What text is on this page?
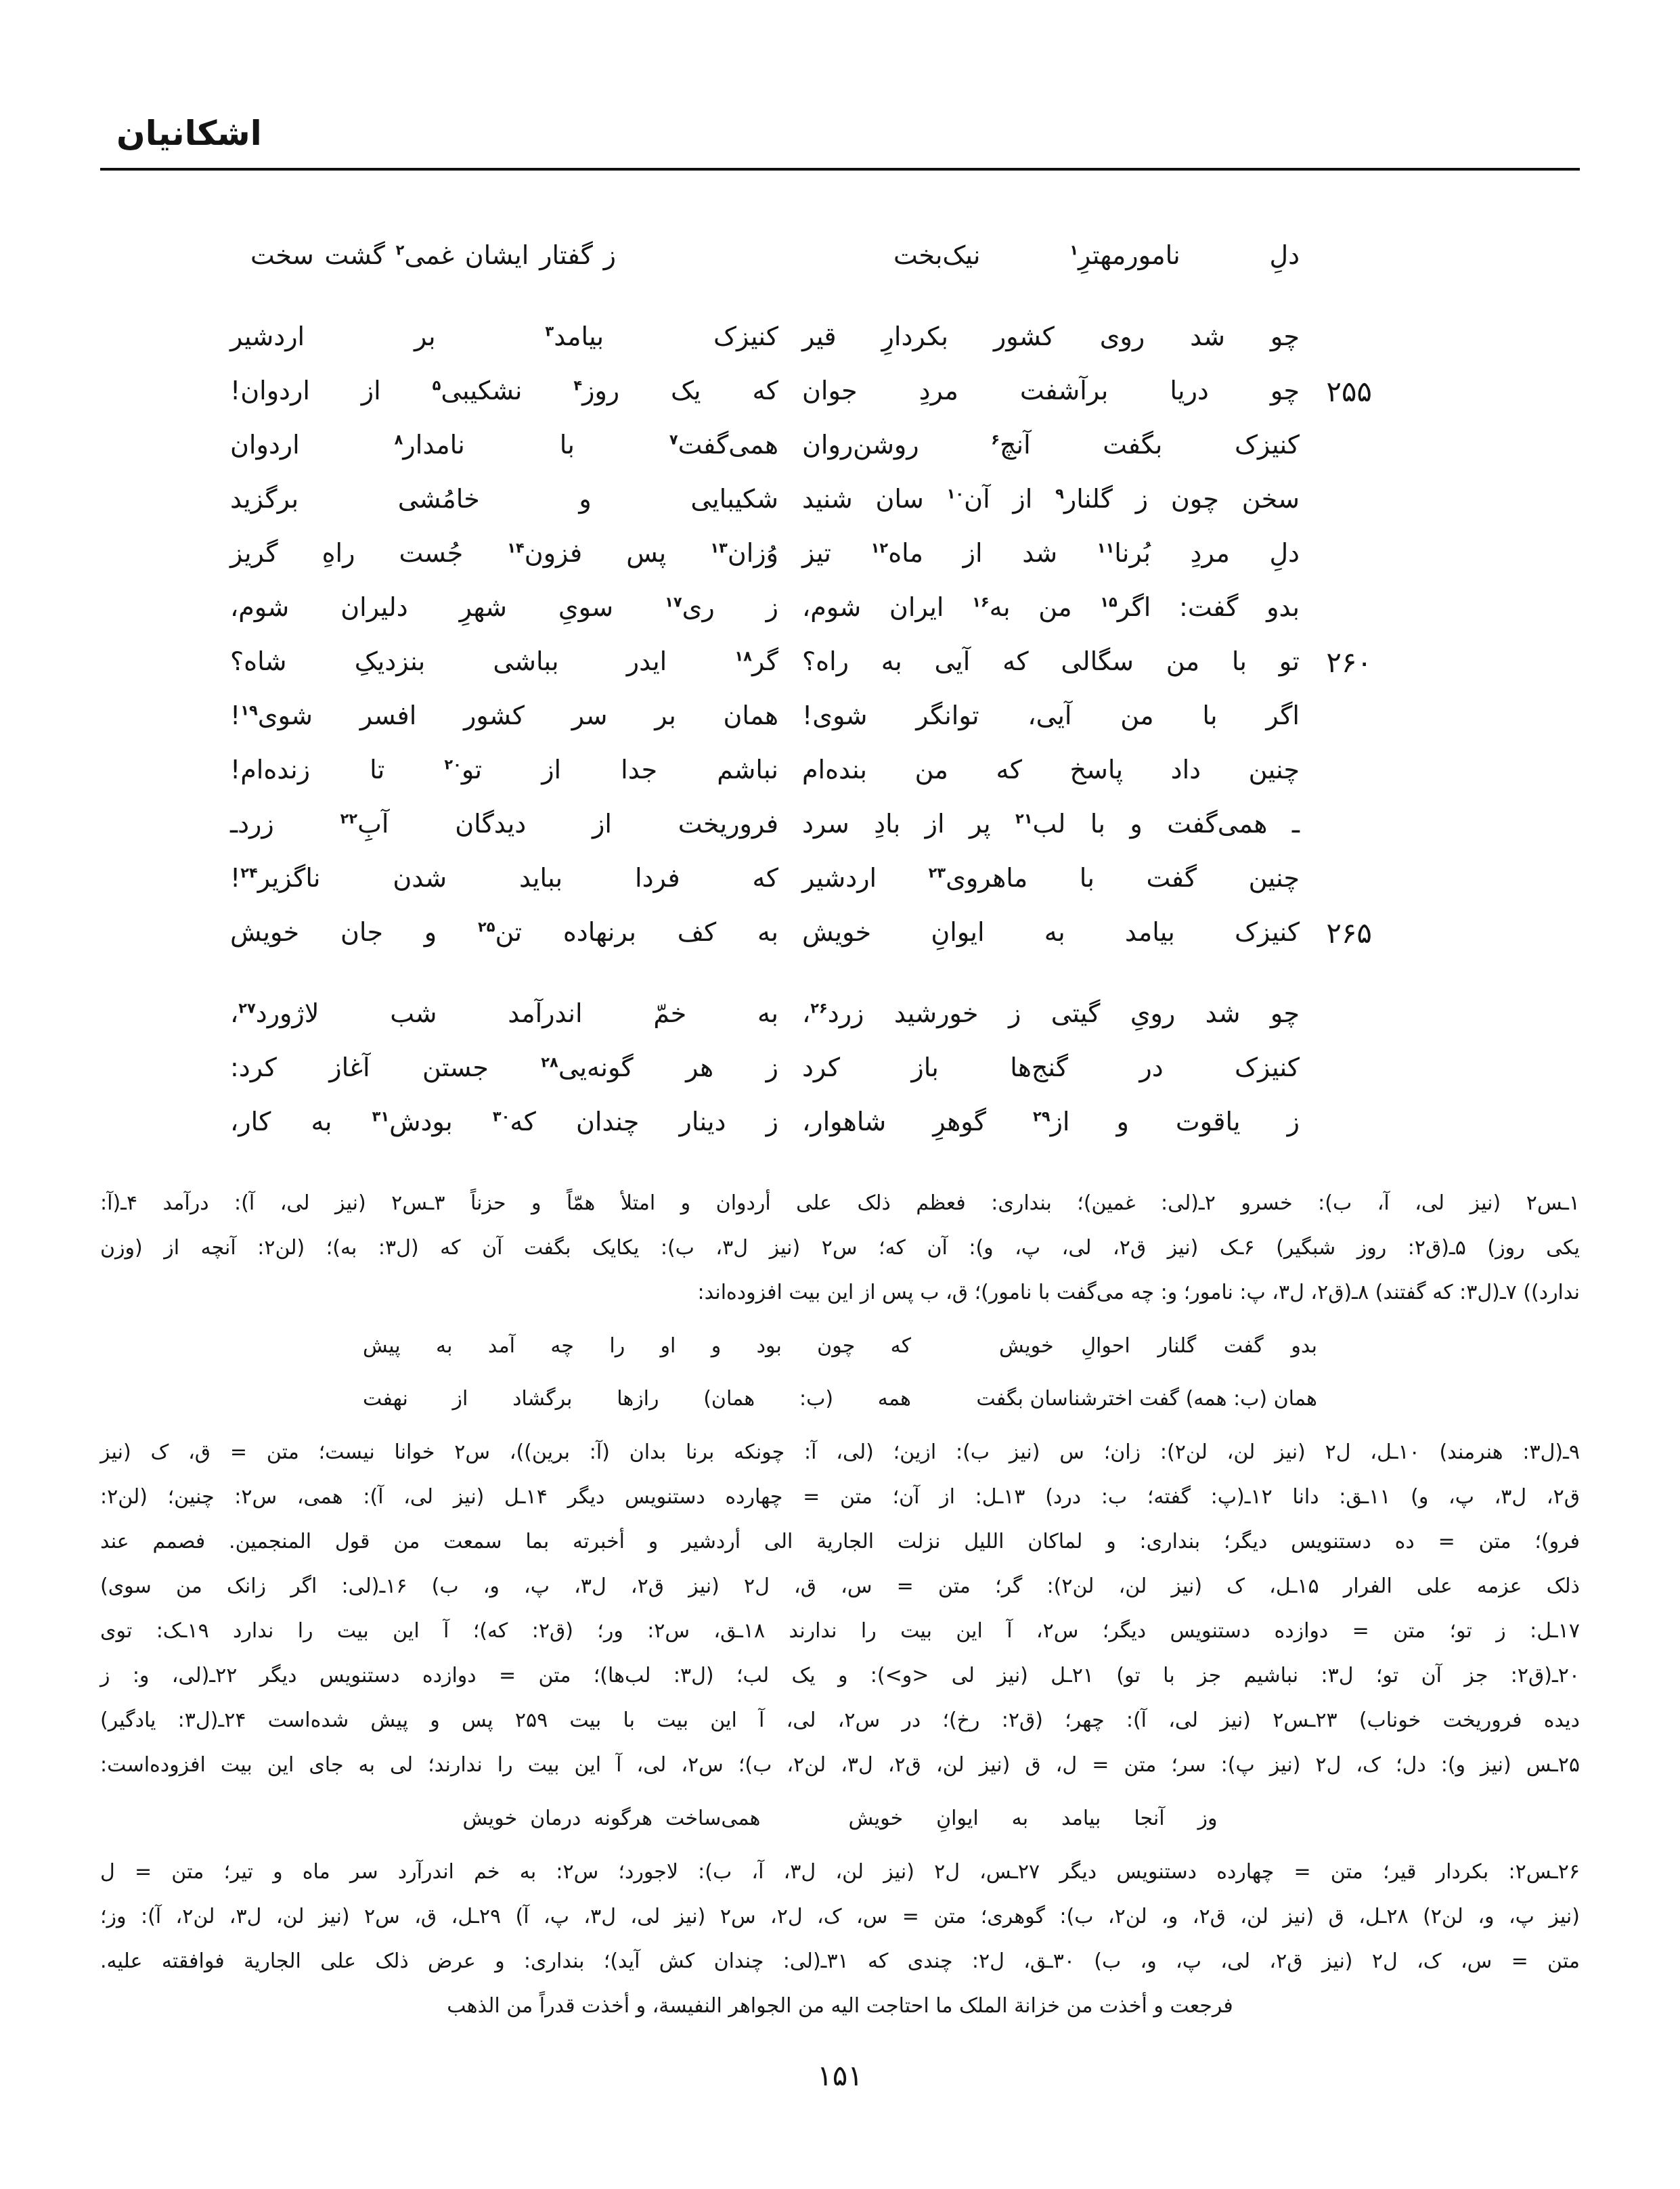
اشکانیان
دلِ نامورمهترِ$^۱$ نیک‌بخت
ز گفتار ایشان غمی$^۲$ گشت سخت
چو شد روی کشور بکردارِ قیر
کنیزک بیامد$^۳$ بر اردشیر
۲۵۵
چو دریا برآشفت مردِ جوان
که یک روز$^۴$ نشکیبی$^۵$ از اردوان!
کنیزک بگفت آنچ$^۶$ روشن‌روان
همی‌گفت$^۷$ با نامدار$^۸$ اردوان
سخن چون ز گلنار$^۹$ از آن$^{۱۰}$ سان شنید
شکیبایی و خامُشی برگزید
دلِ مردِ بُرنا$^{۱۱}$ شد از ماه$^{۱۲}$ تیز
وُزان$^{۱۳}$ پس فزون$^{۱۴}$ جُست راهِ گریز
بدو گفت: اگر$^{۱۵}$ من به$^{۱۶}$ ایران شوم،
ز ری$^{۱۷}$ سویِ شهرِ دلیران شوم،
۲۶۰
تو با من سگالی که آیی به راه؟
گر$^{۱۸}$ ایدر بباشی بنزدیکِ شاه؟
اگر با من آیی، توانگر شوی!
همان بر سر کشور افسر شوی$^{۱۹}$!
چنین داد پاسخ که من بنده‌ام
نباشم جدا از تو$^{۲۰}$ تا زنده‌ام!
ـ همی‌گفت و با لب$^{۲۱}$ پر از بادِ سرد
فروریخت از دیدگان آبِ$^{۲۲}$ زردـ
چنین گفت با ماهروی$^{۲۳}$ اردشیر
که فردا بباید شدن ناگزیر$^{۲۴}$!
۲۶۵
کنیزک بیامد به ایوانِ خویش
به کف برنهاده تن$^{۲۵}$ و جان خویش
چو شد رویِ گیتی ز خورشید زرد$^{۲۶}$،
به خمّ اندرآمد شب لاژورد$^{۲۷}$،
کنیزک در گنج‌ها باز کرد
ز هر گونه‌یی$^{۲۸}$ جستن آغاز کرد:
ز یاقوت و از$^{۲۹}$ گوهرِ شاهوار،
ز دینار چندان که$^{۳۰}$ بودش$^{۳۱}$ به کار،
۱ـس۲ (نیز لی، آ، ب): خسرو ۲ـ(لی: غمین)؛ بنداری: فعظم ذلک علی أردوان و امتلأ همّاً و حزناً ۳ـس۲ (نیز لی، آ): درآمد ۴ـ(آ:
یکی روز) ۵ـ(ق۲: روز شبگیر) ۶ـک (نیز ق۲، لی، پ، و): آن که؛ س۲ (نیز ل۳، ب): یکایک بگفت آن که (ل۳: به)؛ (لن۲: آنچه از (وزن
ندارد)) ۷ـ(ل۳: که گفتند) ۸ـ(ق۲، ل۳، پ: نامور؛ و: چه می‌گفت با نامور)؛ ق، ب پس از این بیت افزوده‌اند:
بدو گفت گلنار احوالِ خویش
که چون بود و او را چه آمد به پیش
همان (ب: همه) گفت اخترشناسان بگفت
همه (ب: همان) رازها برگشاد از نهفت
۹ـ(ل۳: هنرمند) ۱۰ـل، ل۲ (نیز لن، لن۲): زان؛ س (نیز ب): ازین؛ (لی، آ: چونکه برنا بدان (آ: برین))، س۲ خوانا نیست؛ متن = ق، ک (نیز
ق۲، ل۳، پ، و) ۱۱ـق: دانا ۱۲ـ(پ: گفته؛ ب: درد) ۱۳ـل: از آن؛ متن = چهارده دستنویس دیگر ۱۴ـل (نیز لی، آ): همی، س۲: چنین؛ (لن۲:
فرو)؛ متن = ده دستنویس دیگر؛ بنداری: و لماکان اللیل نزلت الجاریة الی أردشیر و أخبرته بما سمعت من قول المنجمین. فصمم عند
ذلک عزمه علی الفرار ۱۵ـل، ک (نیز لن، لن۲): گر؛ متن = س، ق، ل۲ (نیز ق۲، ل۳، پ، و، ب) ۱۶ـ(لی: اگر زانک من سوی)
۱۷ـل: ز تو؛ متن = دوازده دستنویس دیگر؛ س۲، آ این بیت را ندارند ۱۸ـق، س۲: ور؛ (ق۲: که)؛ آ این بیت را ندارد ۱۹ـک: توی
۲۰ـ(ق۲: جز آن تو؛ ل۳: نباشیم جز با تو) ۲۱ـل (نیز لی <و>): و یک لب؛ (ل۳: لب‌ها)؛ متن = دوازده دستنویس دیگر ۲۲ـ(لی، و: ز
دیده فروریخت خوناب) ۲۳ـس۲ (نیز لی، آ): چهر؛ (ق۲: رخ)؛ در س۲، لی، آ این بیت با بیت ۲۵۹ پس و پیش شده‌است ۲۴ـ(ل۳: یادگیر)
۲۵ـس (نیز و): دل؛ ک، ل۲ (نیز پ): سر؛ متن = ل، ق (نیز لن، ق۲، ل۳، لن۲، ب)؛ س۲، لی، آ این بیت را ندارند؛ لی به جای این بیت افزوده‌است:
وز آنجا بیامد به ایوانِ خویش
همی‌ساخت هرگونه درمان خویش
۲۶ـس۲: بکردار قیر؛ متن = چهارده دستنویس دیگر ۲۷ـس، ل۲ (نیز لن، ل۳، آ، ب): لاجورد؛ س۲: به خم اندرآرد سر ماه و تیر؛ متن = ل
(نیز پ، و، لن۲) ۲۸ـل، ق (نیز لن، ق۲، و، لن۲، ب): گوهری؛ متن = س، ک، ل۲، س۲ (نیز لی، ل۳، پ، آ) ۲۹ـل، ق، س۲ (نیز لن، ل۳، لن۲، آ): وز؛
متن = س، ک، ل۲ (نیز ق۲، لی، پ، و، ب) ۳۰ـق، ل۲: چندی که ۳۱ـ(لی: چندان کش آید)؛ بنداری: و عرض ذلک علی الجاریة فوافقته علیه.
فرجعت و أخذت من خزانة الملک ما احتاجت الیه من الجواهر النفیسة، و أخذت قدراً من الذهب
۱۵۱
